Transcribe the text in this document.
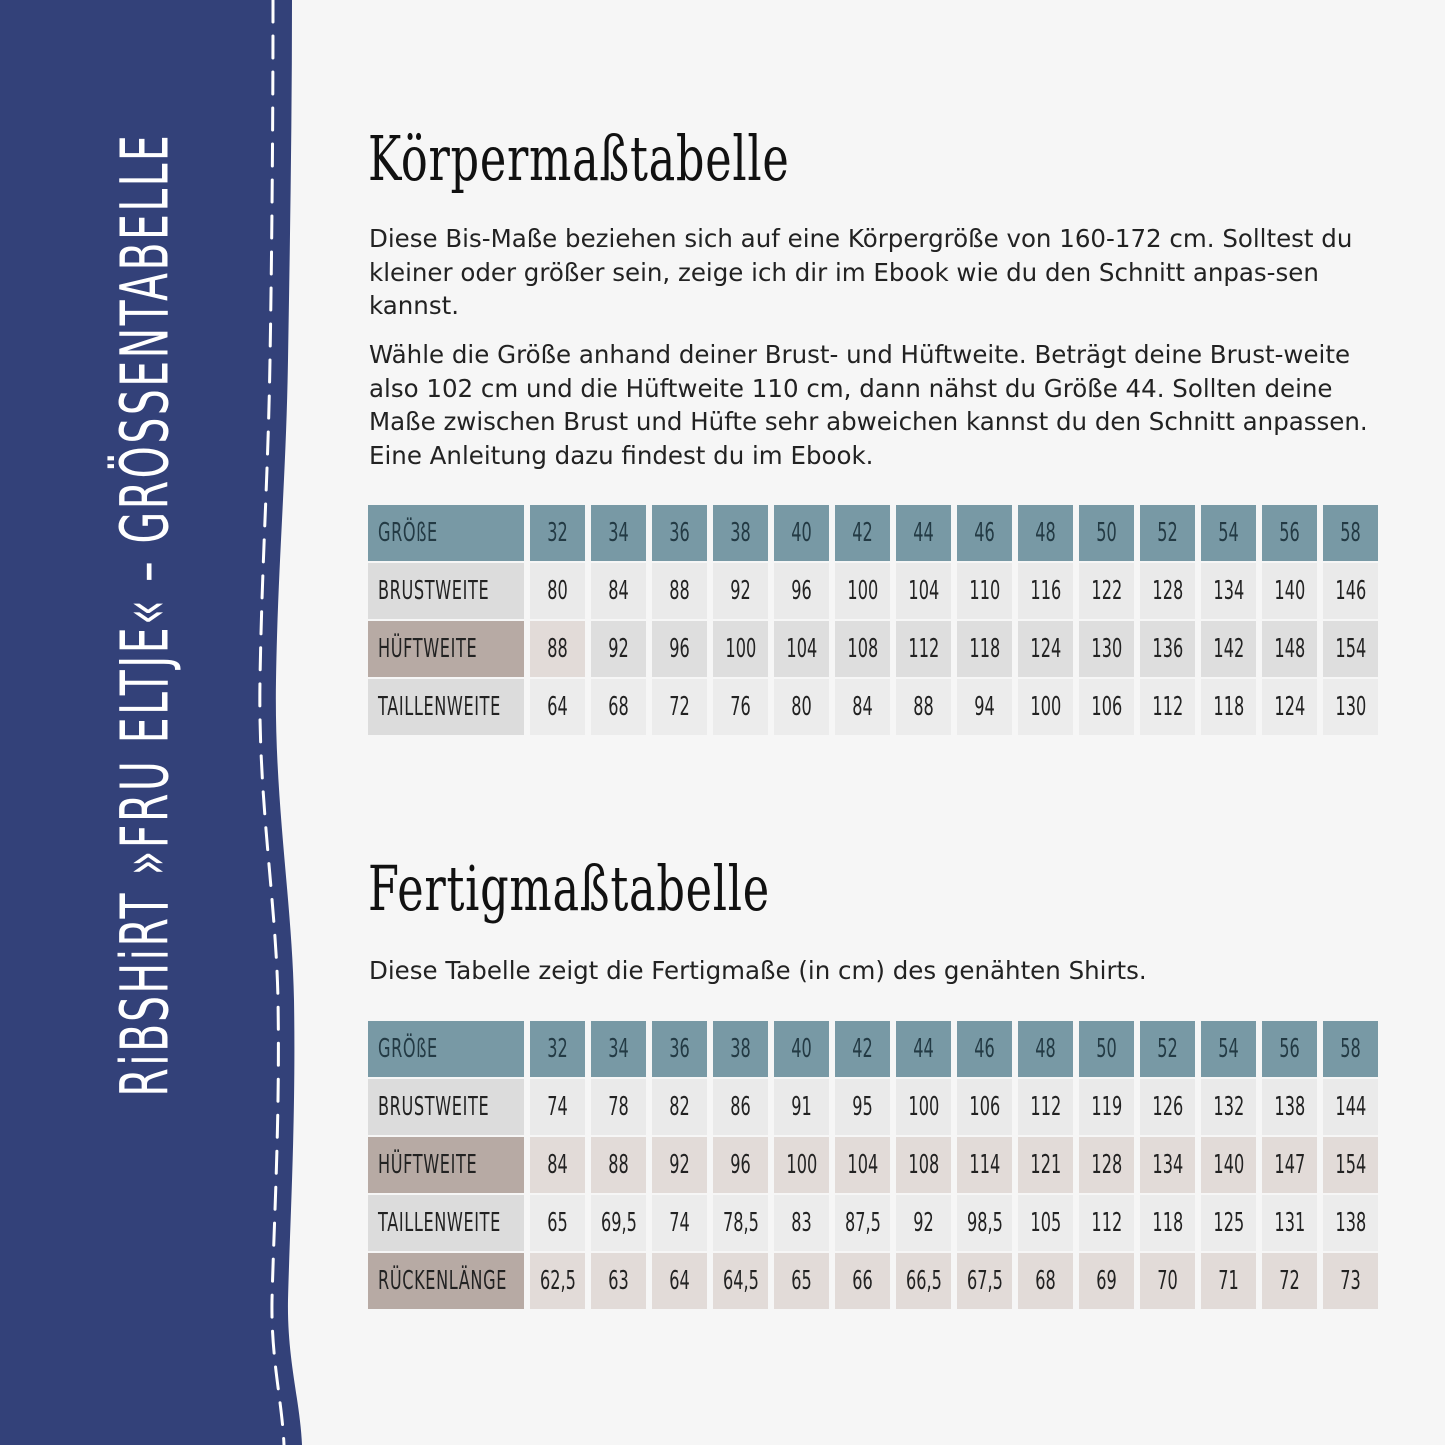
RiBSHiRT »FRU ELTJE« – GRÖSSENTABELLE	Körpermaßtabelle

Diese Bis-Maße beziehen sich auf eine Körpergröße von 160-172 cm. Solltest du kleiner oder größer sein, zeige ich dir im Ebook wie du den Schnitt anpas-sen kannst.

Wähle die Größe anhand deiner Brust- und Hüftweite. Beträgt deine Brust-weite also 102 cm und die Hüftweite 110 cm, dann nähst du Größe 44. Sollten deine Maße zwischen Brust und Hüfte sehr abweichen kannst du den Schnitt anpassen. Eine Anleitung dazu findest du im Ebook.

GRÖßE	32 34 36 38 40 42 44 46 48 50 52 54 56 58
BRUSTWEITE 80 84 88 92 96 100 104 110 116 122 128 134 140 146
HÜFTWEITE	88 92 96 100 104 108 112 118 124 130 136 142 148 154
TAILLENWEITE 64 68 72 76 80 84 88 94 100 106 112 118 124 130
Fertigmaßtabelle

Diese Tabelle zeigt die Fertigmaße (in cm) des genähten Shirts.

GRÖßE	32 34 36 38 40 42 44 46 48 50 52 54 56 58
BRUSTWEITE 74 78 82 86 91 95 100 106 112 119 126 132 138 144
HÜFTWEITE	84 88 92 96 100 104 108 114 121 128 134 140 147 154
TAILLENWEITE 65 69,5 74 78,5 83 87,5 92 98,5 105 112 118 125 131 138
RÜCKENLÄNGE 62,5 63 64 64,5 65 66 66,5 67,5 68 69 70 71 72 73
